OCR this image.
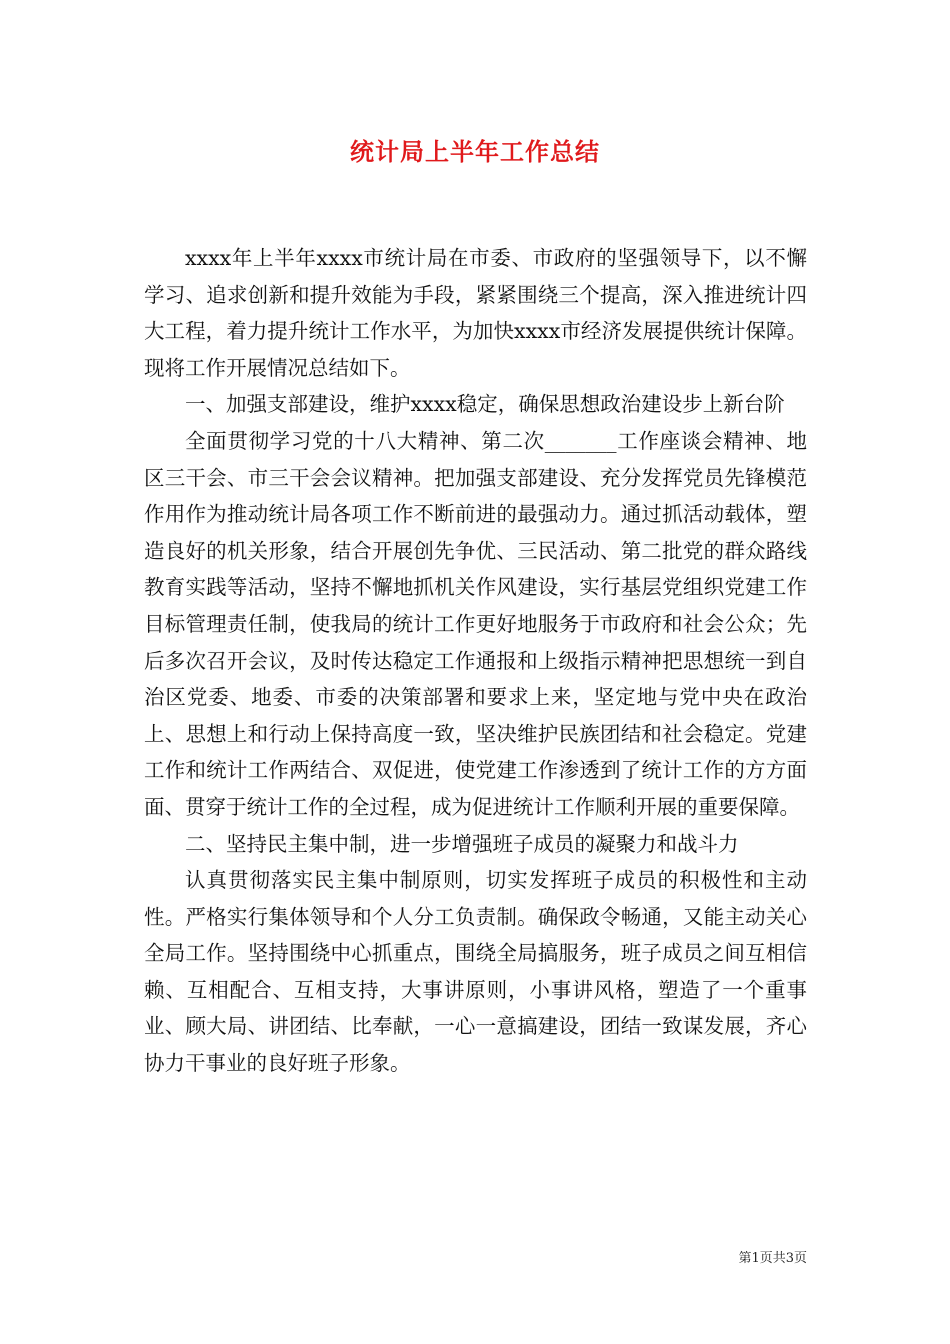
统计局上半年工作总结

xxxx年上半年xxxx市统计局在市委、市政府的坚强领导下，以不懈学习、追求创新和提升效能为手段，紧紧围绕三个提高，深入推进统计四大工程，着力提升统计工作水平，为加快xxxx市经济发展提供统计保障。现将工作开展情况总结如下。

一、加强支部建设，维护xxxx稳定，确保思想政治建设步上新台阶

全面贯彻学习党的十八大精神、第二次_______工作座谈会精神、地区三干会、市三干会会议精神。把加强支部建设、充分发挥党员先锋模范作用作为推动统计局各项工作不断前进的最强动力。通过抓活动载体，塑造良好的机关形象，结合开展创先争优、三民活动、第二批党的群众路线教育实践等活动，坚持不懈地抓机关作风建设，实行基层党组织党建工作目标管理责任制，使我局的统计工作更好地服务于市政府和社会公众；先后多次召开会议，及时传达稳定工作通报和上级指示精神把思想统一到自治区党委、地委、市委的决策部署和要求上来，坚定地与党中央在政治上、思想上和行动上保持高度一致，坚决维护民族团结和社会稳定。党建工作和统计工作两结合、双促进，使党建工作渗透到了统计工作的方方面面、贯穿于统计工作的全过程，成为促进统计工作顺利开展的重要保障。

二、坚持民主集中制，进一步增强班子成员的凝聚力和战斗力

认真贯彻落实民主集中制原则，切实发挥班子成员的积极性和主动性。严格实行集体领导和个人分工负责制。确保政令畅通，又能主动关心全局工作。坚持围绕中心抓重点，围绕全局搞服务，班子成员之间互相信赖、互相配合、互相支持，大事讲原则，小事讲风格，塑造了一个重事业、顾大局、讲团结、比奉献，一心一意搞建设，团结一致谋发展，齐心协力干事业的良好班子形象。

第1页共3页
